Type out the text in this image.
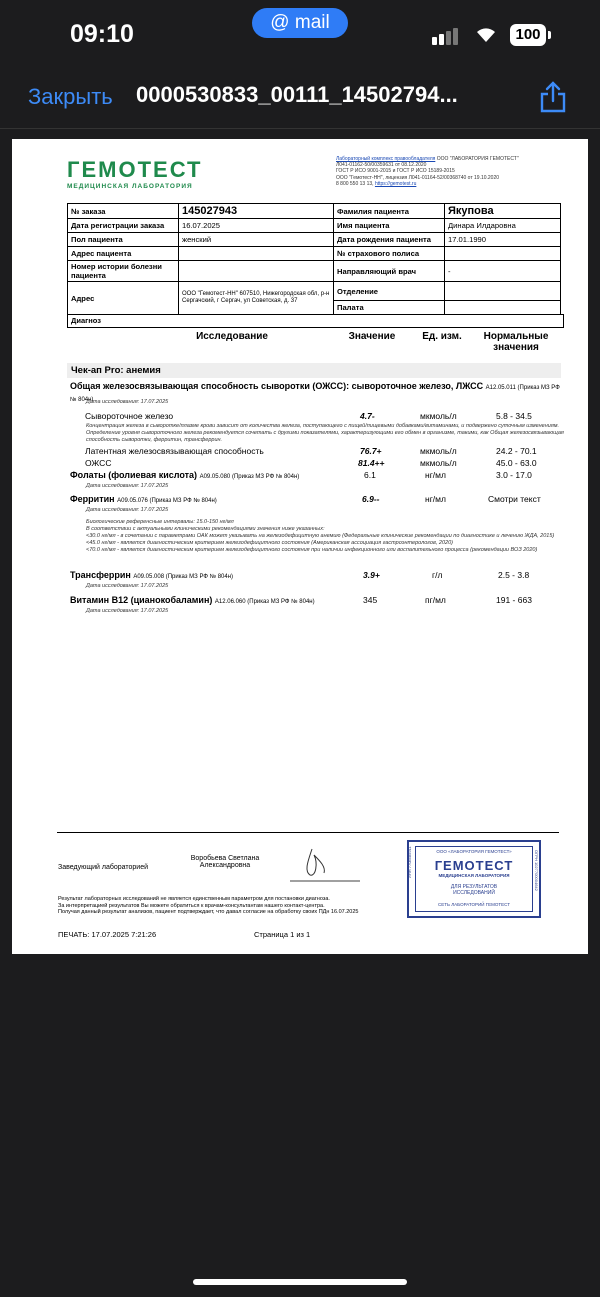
09:10	@ mail
100
Закрыть 0000530833_00111_14502794...
ГЕМОТЕСТ
МЕДИЦИНСКАЯ ЛАБОРАТОРИЯ
Лабораторный комплекс правообладателя ООО "ЛАБОРАТОРИЯ ГЕМОТЕСТ"
Л041-01162-50/00359631 от 08.12.2020
ГОСТ Р ИСО 9001-2015 и ГОСТ Р ИСО 15189-2015
ООО "Гемотест-НН", лицензия Л041-01164-52/00368740 от 19.10.2020
8 800 550 13 13, https://gemotest.ru
№ заказа	145027943	Фамилия пациента	Якупова
Дата регистрации заказа	16.07.2025	Имя пациента	Динара Илдаровна
Пол пациента	женский	Дата рождения пациента	17.01.1990
Адрес пациента		№ страхового полиса	
Номер истории болезни пациента		Направляющий врач	-
Адрес	ООО "Гемотест-НН" 607510, Нижегородская обл, р-н Сергачский, г Сергач, ул Советская, д. 37	Отделение	
		Палата	
Диагноз
Исследование	Значение	Ед. изм.	Нормальные значения
Чек-ап Pro: анемия
Общая железосвязывающая способность сыворотки (ОЖСС): сывороточное железо, ЛЖСС A12.05.011 (Приказ МЗ РФ № 804н)
Дата исследования: 17.07.2025
Сывороточное железо	4.7-	мкмоль/л	5.8 - 34.5
Концентрация железа в сыворотке/плазме крови зависит от количества железа, поступающего с пищей/пищевыми добавками/витаминами, и подвержено суточным изменениям. Определение уровня сывороточного железа рекомендуется сочетать с другими показателями, характеризующими его обмен в организме, такими, как Общая железосвязывающая способность сыворотки, ферритин, трансферрин.
Латентная железосвязывающая способность	76.7+	мкмоль/л	24.2 - 70.1
ОЖСС	81.4++	мкмоль/л	45.0 - 63.0
Фолаты (фолиевая кислота) A09.05.080 (Приказ МЗ РФ № 804н)	6.1	нг/мл	3.0 - 17.0
Дата исследования: 17.07.2025
Ферритин A09.05.076 (Приказ МЗ РФ № 804н)	6.9--	нг/мл	Смотри текст
Дата исследования: 17.07.2025
Биологические референсные интервалы: 15.0-150 нг/мл
В соответствии с актуальными клиническими рекомендациями значения ниже указанных:
<30.0 нг/мл - в сочетании с параметрами ОАК может указывать на железодефицитную анемию (Федеральные клинические рекомендации по диагностике и лечению ЖДА, 2015)
<45.0 нг/мл - является диагностическим критерием железодефицитного состояния (Американская ассоциация гастроэнтерологов, 2020)
<70.0 нг/мл - является диагностическим критерием железодефицитного состояния при наличии инфекционного или воспалительного процесса (рекомендации ВОЗ 2020)
Трансферрин A09.05.008 (Приказ МЗ РФ № 804н)	3.9+	г/л	2.5 - 3.8
Дата исследования: 17.07.2025
Витамин В12 (цианокобаламин) A12.06.060 (Приказ МЗ РФ № 804н)	345	пг/мл	191 - 663
Дата исследования: 17.07.2025
Заведующий лабораторией
Воробьева Светлана Александровна
ООО «ЛАБОРАТОРИЯ ГЕМОТЕСТ»
ГЕМОТЕСТ
МЕДИЦИНСКАЯ ЛАБОРАТОРИЯ
ДЛЯ РЕЗУЛЬТАТОВ ИССЛЕДОВАНИЙ
СЕТЬ ЛАБОРАТОРИЙ ГЕМОТЕСТ
ИНН 7708585911	ОГРН 1027700004642
Результат лабораторных исследований не является единственным параметром для постановки диагноза.
За интерпретацией результатов Вы можете обратиться к врачам-консультантам нашего контакт-центра.
Получая данный результат анализов, пациент подтверждает, что давал согласие на обработку своих ПДн 16.07.2025
ПЕЧАТЬ: 17.07.2025 7:21:26	Страница 1 из 1
